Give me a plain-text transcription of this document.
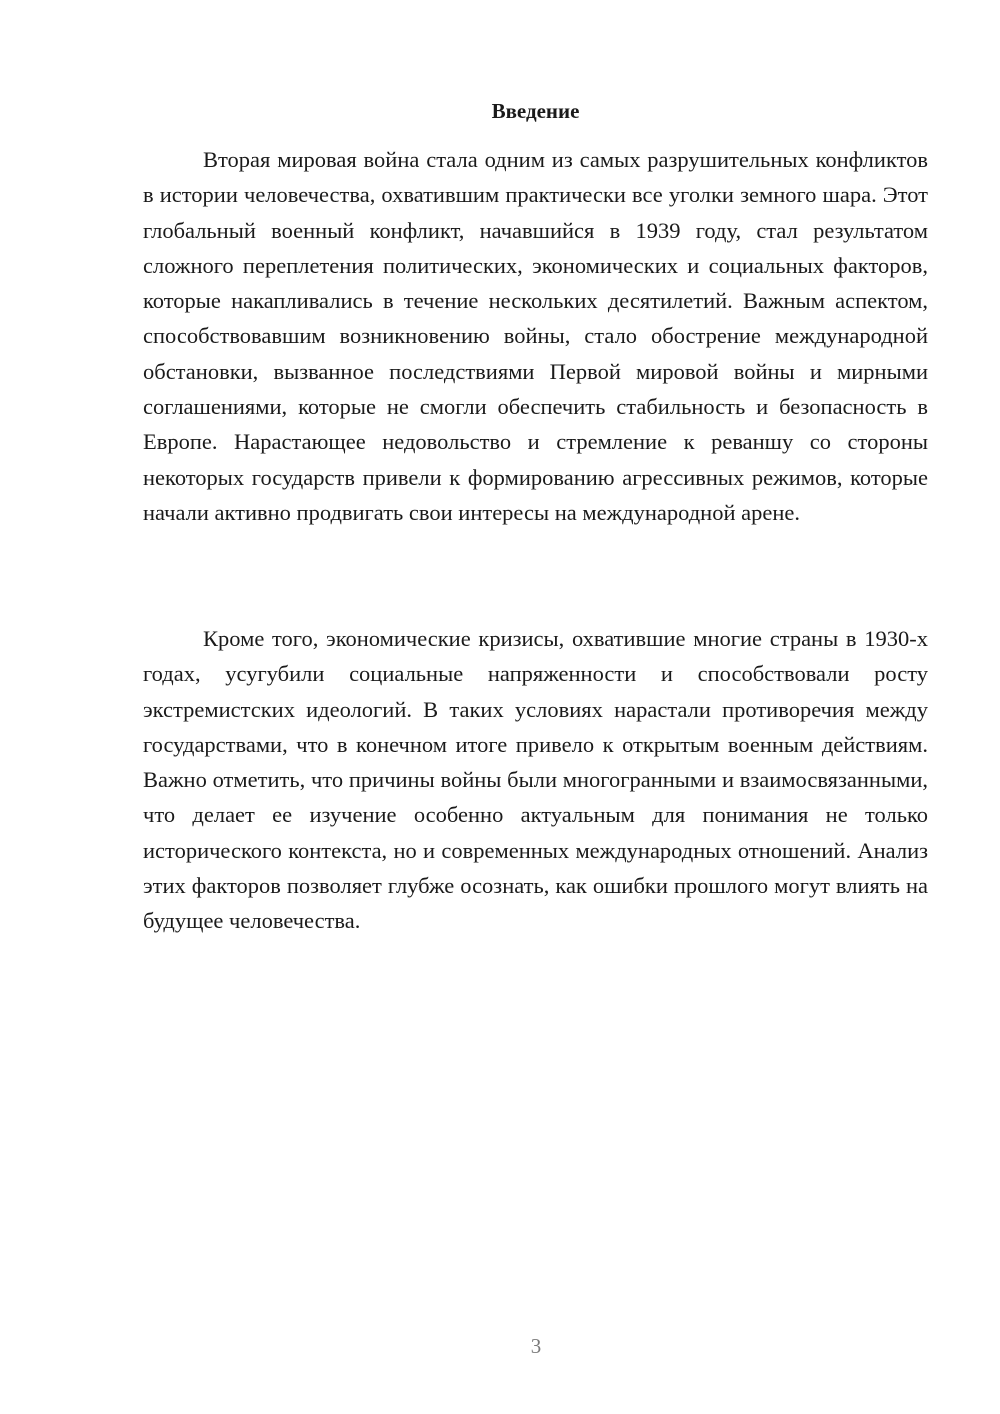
Введение

Вторая мировая война стала одним из самых разрушительных конфликтов в истории человечества, охватившим практически все уголки земного шара. Этот глобальный военный конфликт, начавшийся в 1939 году, стал результатом сложного переплетения политических, экономических и социальных факторов, которые накапливались в течение нескольких десятилетий. Важным аспектом, способствовавшим возникновению войны, стало обострение международной обстановки, вызванное последствиями Первой мировой войны и мирными соглашениями, которые не смогли обеспечить стабильность и безопасность в Европе. Нарастающее недовольство и стремление к реваншу со стороны некоторых государств привели к формированию агрессивных режимов, которые начали активно продвигать свои интересы на международной арене.

Кроме того, экономические кризисы, охватившие многие страны в 1930-х годах, усугубили социальные напряженности и способствовали росту экстремистских идеологий. В таких условиях нарастали противоречия между государствами, что в конечном итоге привело к открытым военным действиям. Важно отметить, что причины войны были многогранными и взаимосвязанными, что делает ее изучение особенно актуальным для понимания не только исторического контекста, но и современных международных отношений. Анализ этих факторов позволяет глубже осознать, как ошибки прошлого могут влиять на будущее человечества.

3
